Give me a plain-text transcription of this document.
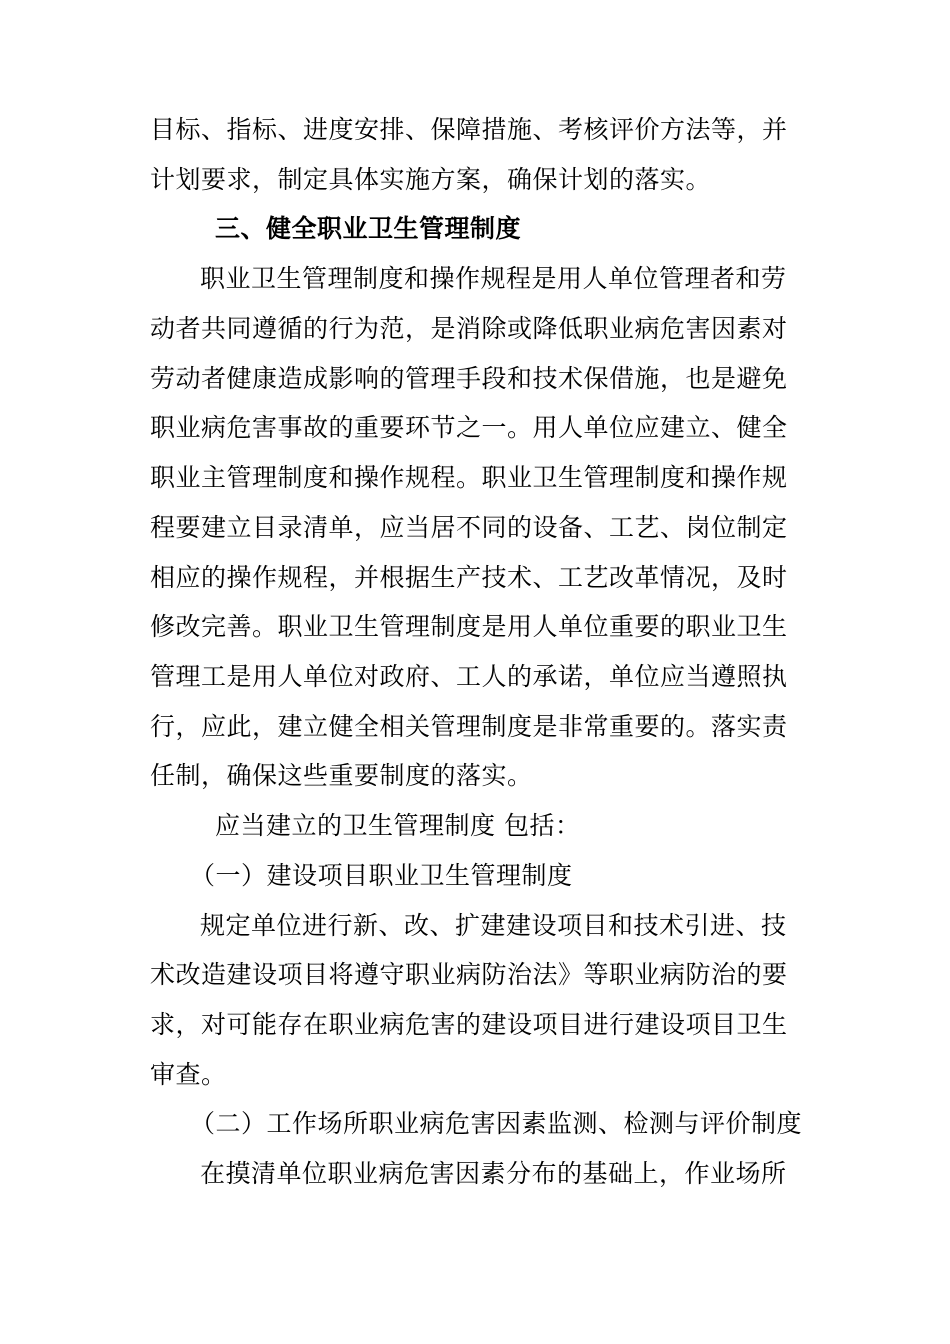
目标、指标、进度安排、保障措施、考核评价方法等，并
计划要求，制定具体实施方案，确保计划的落实。
三、健全职业卫生管理制度
职业卫生管理制度和操作规程是用人单位管理者和劳
动者共同遵循的行为范，是消除或降低职业病危害因素对
劳动者健康造成影响的管理手段和技术保借施，也是避免
职业病危害事故的重要环节之一。用人单位应建立、健全
职业主管理制度和操作规程。职业卫生管理制度和操作规
程要建立目录清单，应当居不同的设备、工艺、岗位制定
相应的操作规程，并根据生产技术、工艺改革情况，及时
修改完善。职业卫生管理制度是用人单位重要的职业卫生
管理工是用人单位对政府、工人的承诺，单位应当遵照执
行，应此，建立健全相关管理制度是非常重要的。落实责
任制，确保这些重要制度的落实。
应当建立的卫生管理制度 包括：
（一）建设项目职业卫生管理制度
规定单位进行新、改、扩建建设项目和技术引进、技
术改造建设项目将遵守职业病防治法》等职业病防治的要
求，对可能存在职业病危害的建设项目进行建设项目卫生
审查。
（二）工作场所职业病危害因素监测、检测与评价制度
在摸清单位职业病危害因素分布的基础上，作业场所
